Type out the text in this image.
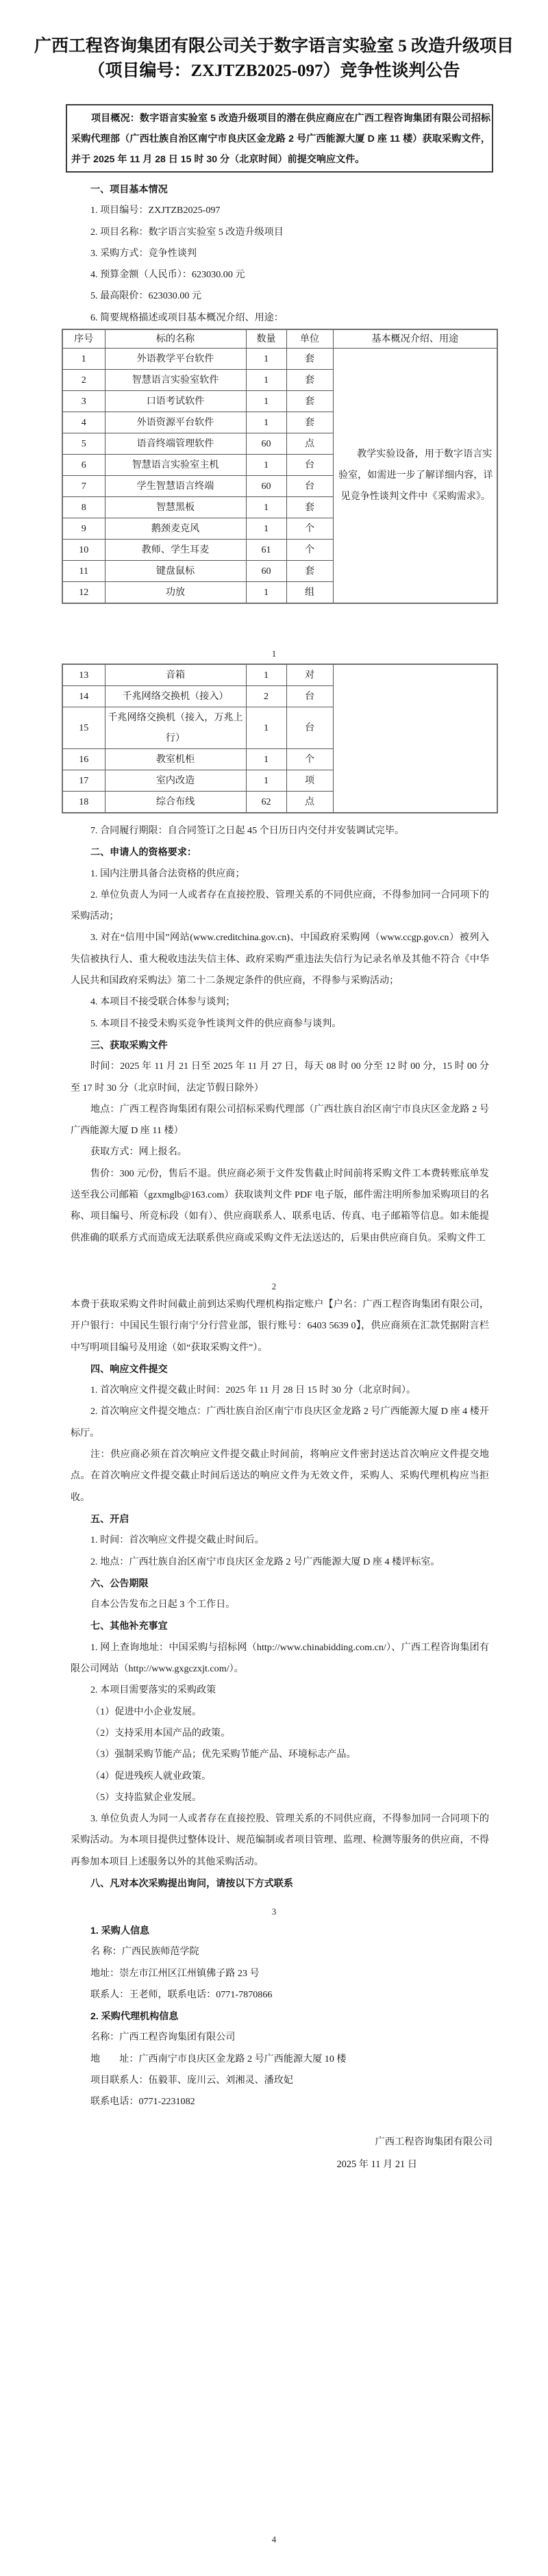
广西工程咨询集团有限公司关于数字语言实验室 5 改造升级项目
（项目编号：ZXJTZB2025-097）竞争性谈判公告
项目概况：数字语言实验室 5 改造升级项目的潜在供应商应在广西工程咨询集团有限公司招标采购代理部（广西壮族自治区南宁市良庆区金龙路 2 号广西能源大厦 D 座 11 楼）获取采购文件，并于 2025 年 11 月 28 日 15 时 30 分（北京时间）前提交响应文件。

一、项目基本情况

1. 项目编号：ZXJTZB2025-097

2. 项目名称：数字语言实验室 5 改造升级项目

3. 采购方式：竞争性谈判

4. 预算金额（人民币）：623030.00 元

5. 最高限价：623030.00 元

6. 简要规格描述或项目基本概况介绍、用途：

序号	标的名称	数量	单位	基本概况介绍、用途
1	外语教学平台软件	1	套	教学实验设备，用于数字语言实验室，如需进一步了解详细内容，详见竞争性谈判文件中《采购需求》。
2	智慧语言实验室软件	1	套	
3	口语考试软件	1	套	
4	外语资源平台软件	1	套	
5	语音终端管理软件	60	点	
6	智慧语言实验室主机	1	台	
7	学生智慧语言终端	60	台	
8	智慧黑板	1	套	
9	鹅颈麦克风	1	个	
10	教师、学生耳麦	61	个	
11	键盘鼠标	60	套	
12	功放	1	组	
1
13	音箱	1	对	
14	千兆网络交换机（接入）	2	台	
15	千兆网络交换机（接入，万兆上行）	1	台	
16	教室机柜	1	个	
17	室内改造	1	项	
18	综合布线	62	点	

7. 合同履行期限：自合同签订之日起 45 个日历日内交付并安装调试完毕。

二、申请人的资格要求：

1. 国内注册具备合法资格的供应商；

2. 单位负责人为同一人或者存在直接控股、管理关系的不同供应商，不得参加同一合同项下的采购活动；

3. 对在“信用中国”网站(www.creditchina.gov.cn)、中国政府采购网（www.ccgp.gov.cn）被列入失信被执行人、重大税收违法失信主体、政府采购严重违法失信行为记录名单及其他不符合《中华人民共和国政府采购法》第二十二条规定条件的供应商，不得参与采购活动；

4. 本项目不接受联合体参与谈判；

5. 本项目不接受未购买竞争性谈判文件的供应商参与谈判。

三、获取采购文件

时间：2025 年 11 月 21 日至 2025 年 11 月 27 日，每天 08 时 00 分至 12 时 00 分，15 时 00 分至 17 时 30 分（北京时间，法定节假日除外）

地点：广西工程咨询集团有限公司招标采购代理部（广西壮族自治区南宁市良庆区金龙路 2 号广西能源大厦 D 座 11 楼）

获取方式：网上报名。

售价：300 元/份，售后不退。供应商必须于文件发售截止时间前将采购文件工本费转账底单发送至我公司邮箱（gzxmglb@163.com）获取谈判文件 PDF 电子版，邮件需注明所参加采购项目的名称、项目编号、所竞标段（如有）、供应商联系人、联系电话、传真、电子邮箱等信息。如未能提供准确的联系方式而造成无法联系供应商或采购文件无法送达的，后果由供应商自负。采购文件工

2

本费于获取采购文件时间截止前到达采购代理机构指定账户【户名：广西工程咨询集团有限公司，开户银行：中国民生银行南宁分行营业部，银行账号：6403 5639 0】，供应商须在汇款凭据附言栏中写明项目编号及用途（如“获取采购文件”）。

四、响应文件提交

1. 首次响应文件提交截止时间：2025 年 11 月 28 日 15 时 30 分（北京时间）。

2. 首次响应文件提交地点：广西壮族自治区南宁市良庆区金龙路 2 号广西能源大厦 D 座 4 楼开标厅。

注：供应商必须在首次响应文件提交截止时间前，将响应文件密封送达首次响应文件提交地点。在首次响应文件提交截止时间后送达的响应文件为无效文件，采购人、采购代理机构应当拒收。

五、开启

1. 时间：首次响应文件提交截止时间后。

2. 地点：广西壮族自治区南宁市良庆区金龙路 2 号广西能源大厦 D 座 4 楼评标室。

六、公告期限

自本公告发布之日起 3 个工作日。

七、其他补充事宜

1. 网上查询地址：中国采购与招标网（http://www.chinabidding.com.cn/）、广西工程咨询集团有限公司网站（http://www.gxgczxjt.com/）。

2. 本项目需要落实的采购政策

（1）促进中小企业发展。

（2）支持采用本国产品的政策。

（3）强制采购节能产品；优先采购节能产品、环境标志产品。

（4）促进残疾人就业政策。

（5）支持监狱企业发展。

3. 单位负责人为同一人或者存在直接控股、管理关系的不同供应商，不得参加同一合同项下的采购活动。为本项目提供过整体设计、规范编制或者项目管理、监理、检测等服务的供应商，不得再参加本项目上述服务以外的其他采购活动。

八、凡对本次采购提出询问，请按以下方式联系

3

1. 采购人信息

名 称：广西民族师范学院

地址：崇左市江州区江州镇佛子路 23 号

联系人：王老师，联系电话：0771-7870866

2. 采购代理机构信息

名称：广西工程咨询集团有限公司

地　　址：广西南宁市良庆区金龙路 2 号广西能源大厦 10 楼

项目联系人：伍毅菲、庞川云、刘湘灵、潘玫妃

联系电话：0771-2231082

广西工程咨询集团有限公司
2025 年 11 月 21 日
4
